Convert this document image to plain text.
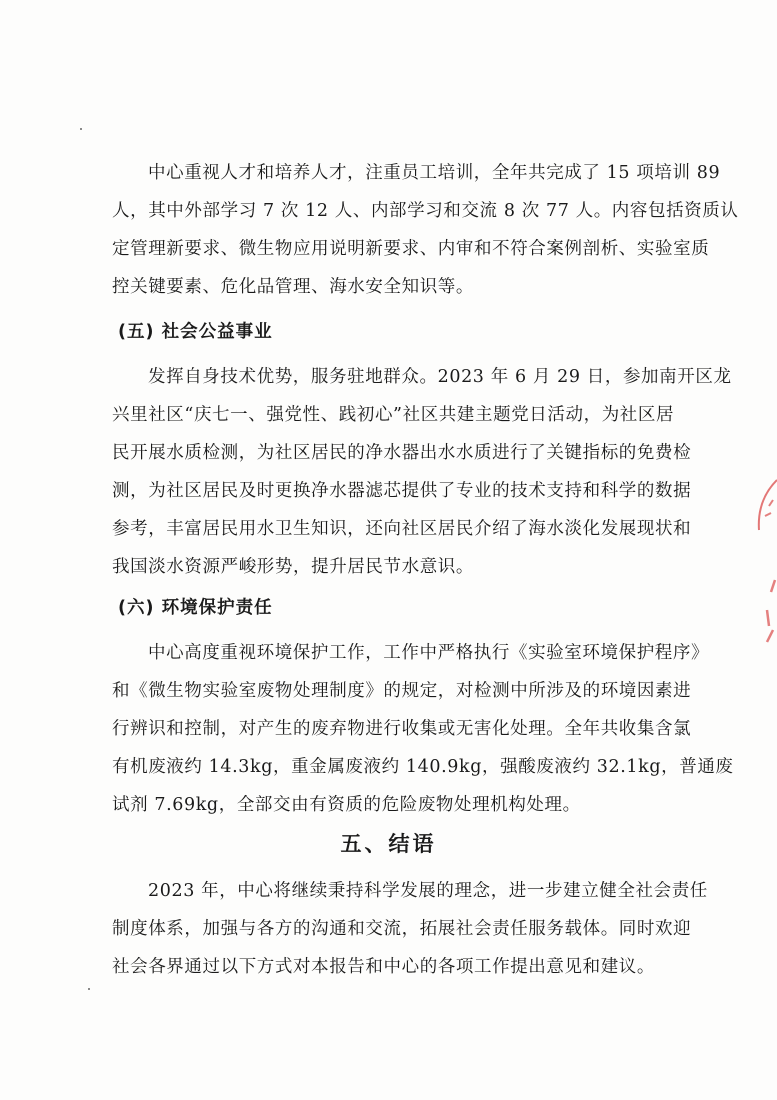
中心重视人才和培养人才，注重员工培训，全年共完成了 15 项培训 89
人，其中外部学习 7 次 12 人、内部学习和交流 8 次 77 人。内容包括资质认
定管理新要求、微生物应用说明新要求、内审和不符合案例剖析、实验室质
控关键要素、危化品管理、海水安全知识等。
(五) 社会公益事业
发挥自身技术优势，服务驻地群众。2023 年 6 月 29 日，参加南开区龙
兴里社区“庆七一、强党性、践初心”社区共建主题党日活动，为社区居
民开展水质检测，为社区居民的净水器出水水质进行了关键指标的免费检
测，为社区居民及时更换净水器滤芯提供了专业的技术支持和科学的数据
参考，丰富居民用水卫生知识，还向社区居民介绍了海水淡化发展现状和
我国淡水资源严峻形势，提升居民节水意识。
(六) 环境保护责任
中心高度重视环境保护工作，工作中严格执行《实验室环境保护程序》
和《微生物实验室废物处理制度》的规定，对检测中所涉及的环境因素进
行辨识和控制，对产生的废弃物进行收集或无害化处理。全年共收集含氯
有机废液约 14.3kg，重金属废液约 140.9kg，强酸废液约 32.1kg，普通废
试剂 7.69kg，全部交由有资质的危险废物处理机构处理。
五、结语
2023 年，中心将继续秉持科学发展的理念，进一步建立健全社会责任
制度体系，加强与各方的沟通和交流，拓展社会责任服务载体。同时欢迎
社会各界通过以下方式对本报告和中心的各项工作提出意见和建议。
